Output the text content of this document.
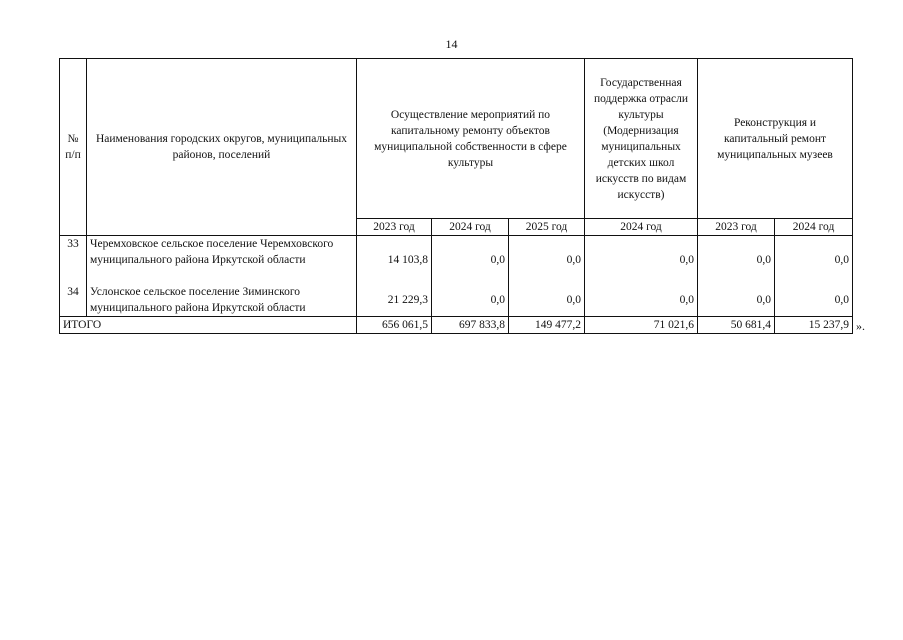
14
№ п/п	Наименования городских округов, муниципальных районов, поселений	Осуществление мероприятий по капитальному ремонту объектов муниципальной собственности в сфере культуры			Государственная поддержка отрасли культуры (Модернизация муниципальных детских школ искусств по видам искусств)	Реконструкция и капитальный ремонт муниципальных музеев	
		2023 год	2024 год	2025 год	2024 год	2023 год	2024 год
33	Черемховское сельское поселение Черемховского муниципального района Иркутской области	14 103,8	0,0	0,0	0,0	0,0	0,0
34	Услонское сельское поселение Зиминского муниципального района Иркутской области	21 229,3	0,0	0,0	0,0	0,0	0,0
ИТОГО		656 061,5	697 833,8	149 477,2	71 021,6	50 681,4	15 237,9 ».
